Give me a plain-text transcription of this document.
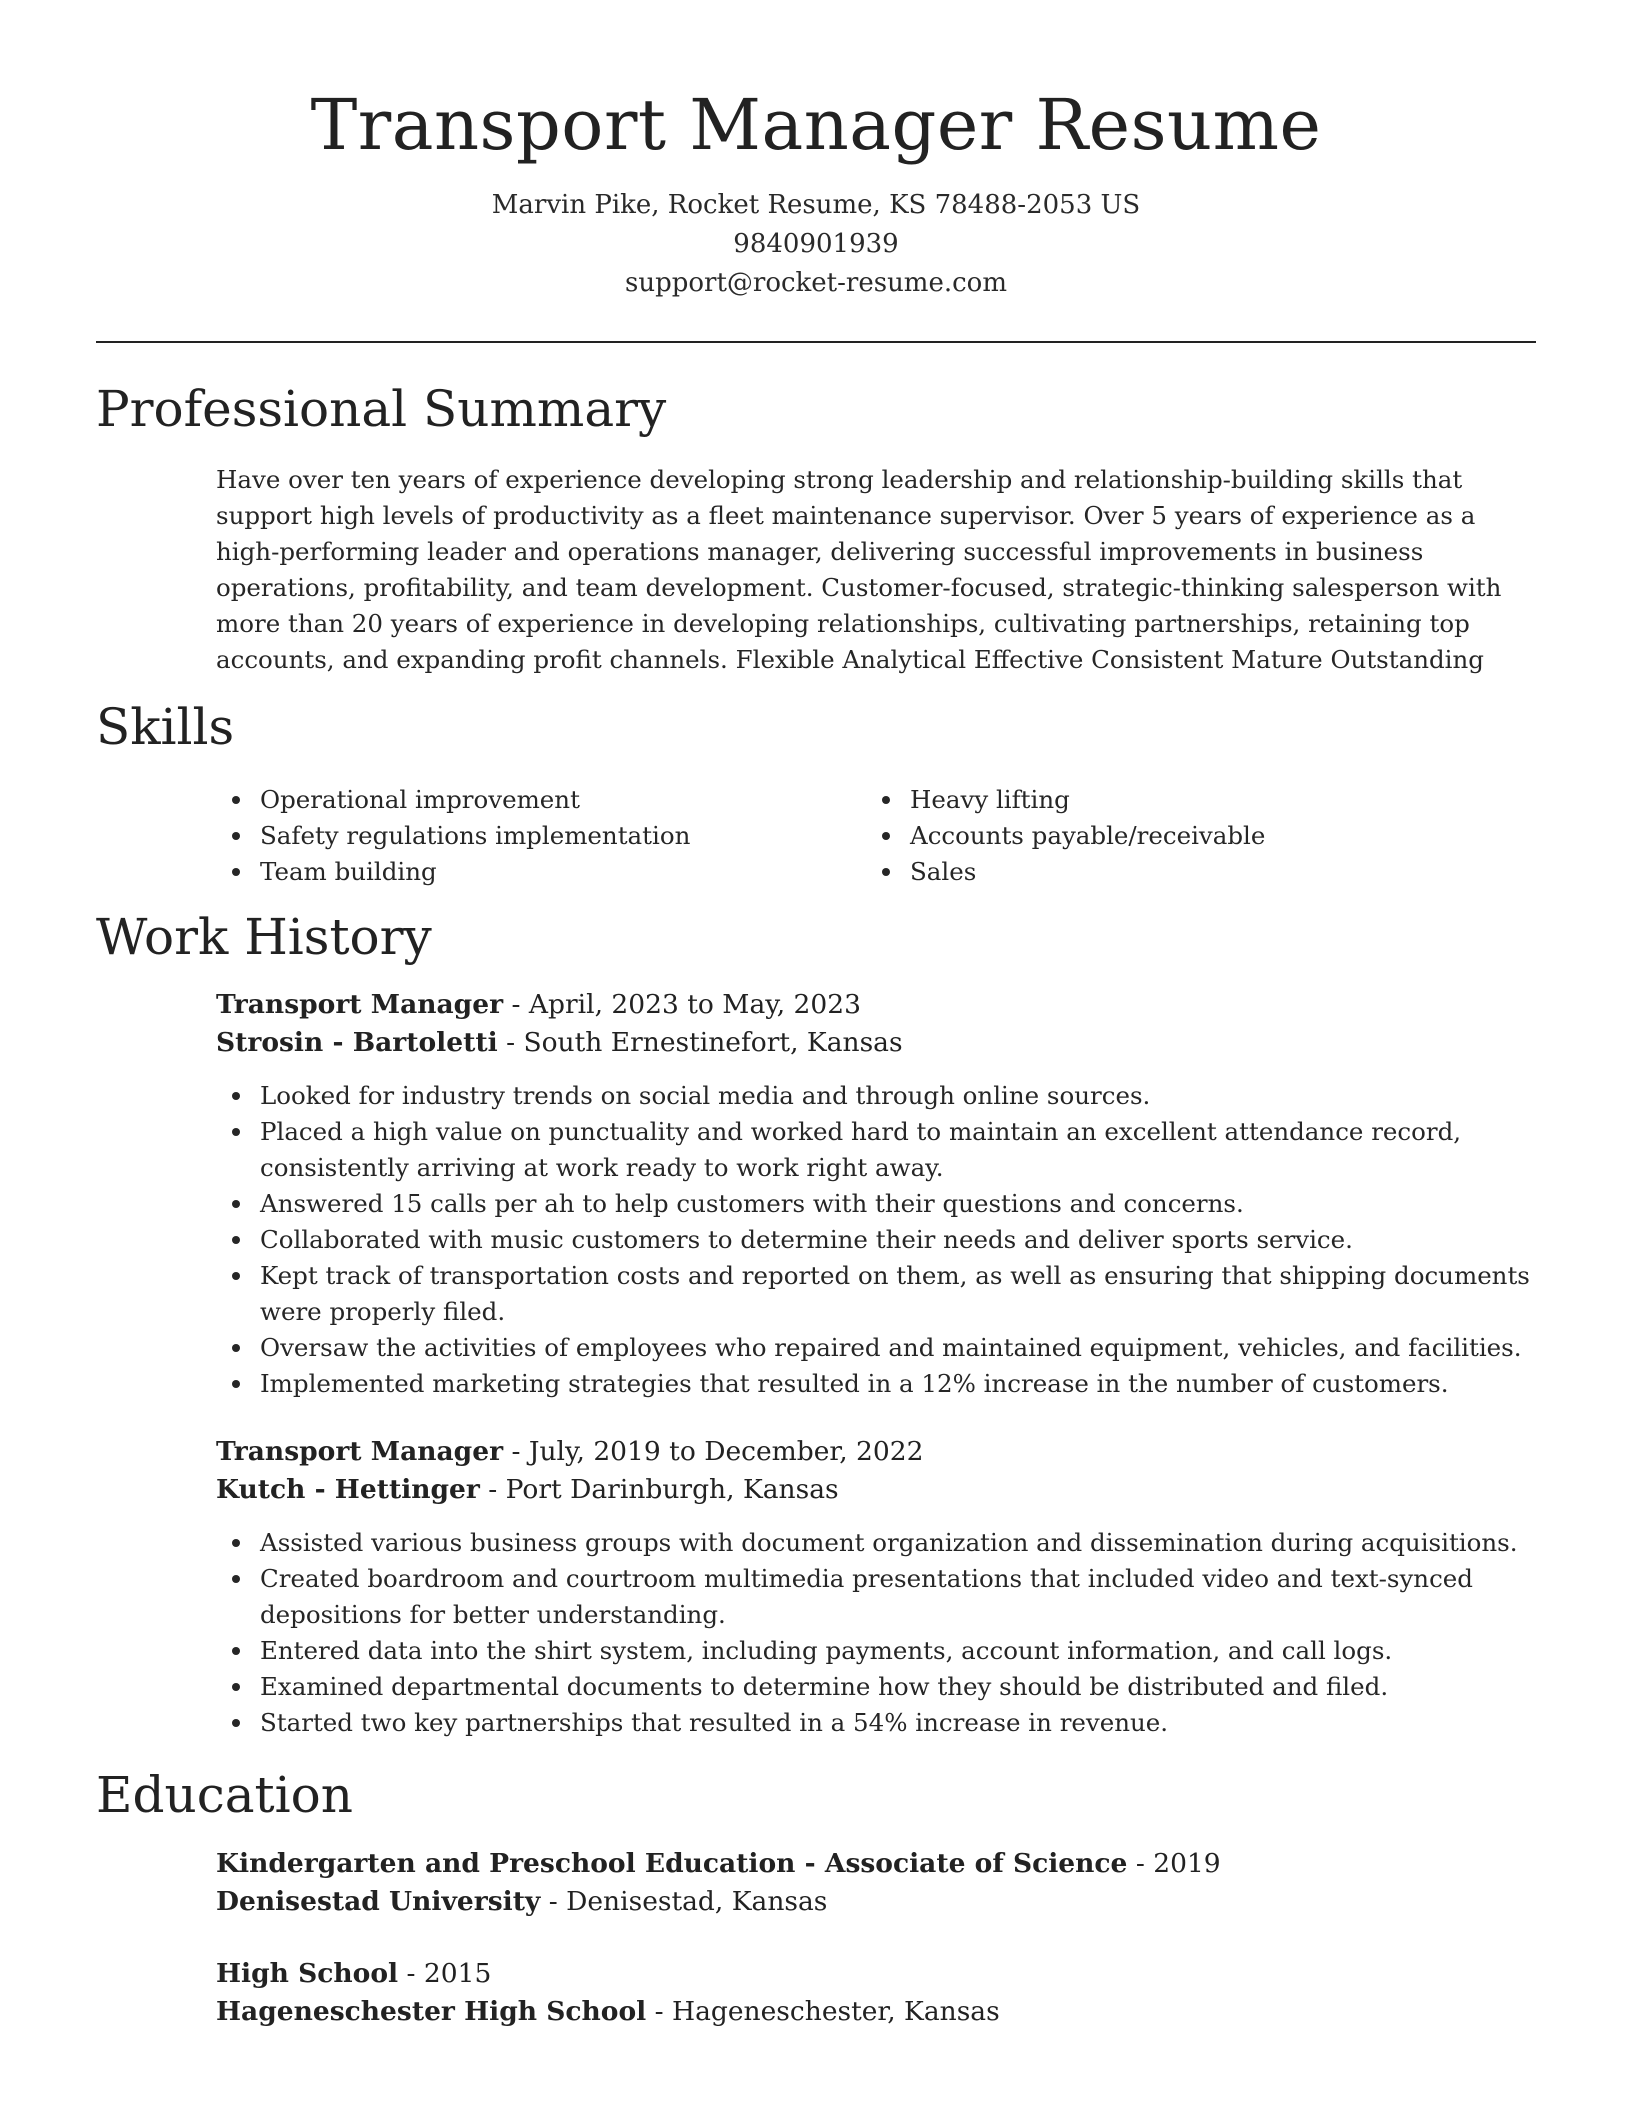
Transport Manager Resume
Marvin Pike, Rocket Resume, KS 78488-2053 US
9840901939
support@rocket-resume.com
Professional Summary

Have over ten years of experience developing strong leadership and relationship-building skills that support high levels of productivity as a fleet maintenance supervisor. Over 5 years of experience as a high-performing leader and operations manager, delivering successful improvements in business operations, profitability, and team development. Customer-focused, strategic-thinking salesperson with more than 20 years of experience in developing relationships, cultivating partnerships, retaining top accounts, and expanding profit channels. Flexible Analytical Effective Consistent Mature Outstanding

Skills
Operational improvement
Safety regulations implementation
Team building
Heavy lifting
Accounts payable/receivable
Sales
Work History
Transport Manager - April, 2023 to May, 2023
Strosin - Bartoletti - South Ernestinefort, Kansas
Looked for industry trends on social media and through online sources.
Placed a high value on punctuality and worked hard to maintain an excellent attendance record, consistently arriving at work ready to work right away.
Answered 15 calls per ah to help customers with their questions and concerns.
Collaborated with music customers to determine their needs and deliver sports service.
Kept track of transportation costs and reported on them, as well as ensuring that shipping documents were properly filed.
Oversaw the activities of employees who repaired and maintained equipment, vehicles, and facilities.
Implemented marketing strategies that resulted in a 12% increase in the number of customers.
Transport Manager - July, 2019 to December, 2022
Kutch - Hettinger - Port Darinburgh, Kansas
Assisted various business groups with document organization and dissemination during acquisitions.
Created boardroom and courtroom multimedia presentations that included video and text-synced depositions for better understanding.
Entered data into the shirt system, including payments, account information, and call logs.
Examined departmental documents to determine how they should be distributed and filed.
Started two key partnerships that resulted in a 54% increase in revenue.
Education
Kindergarten and Preschool Education - Associate of Science - 2019
Denisestad University - Denisestad, Kansas
High School - 2015
Hageneschester High School - Hageneschester, Kansas
